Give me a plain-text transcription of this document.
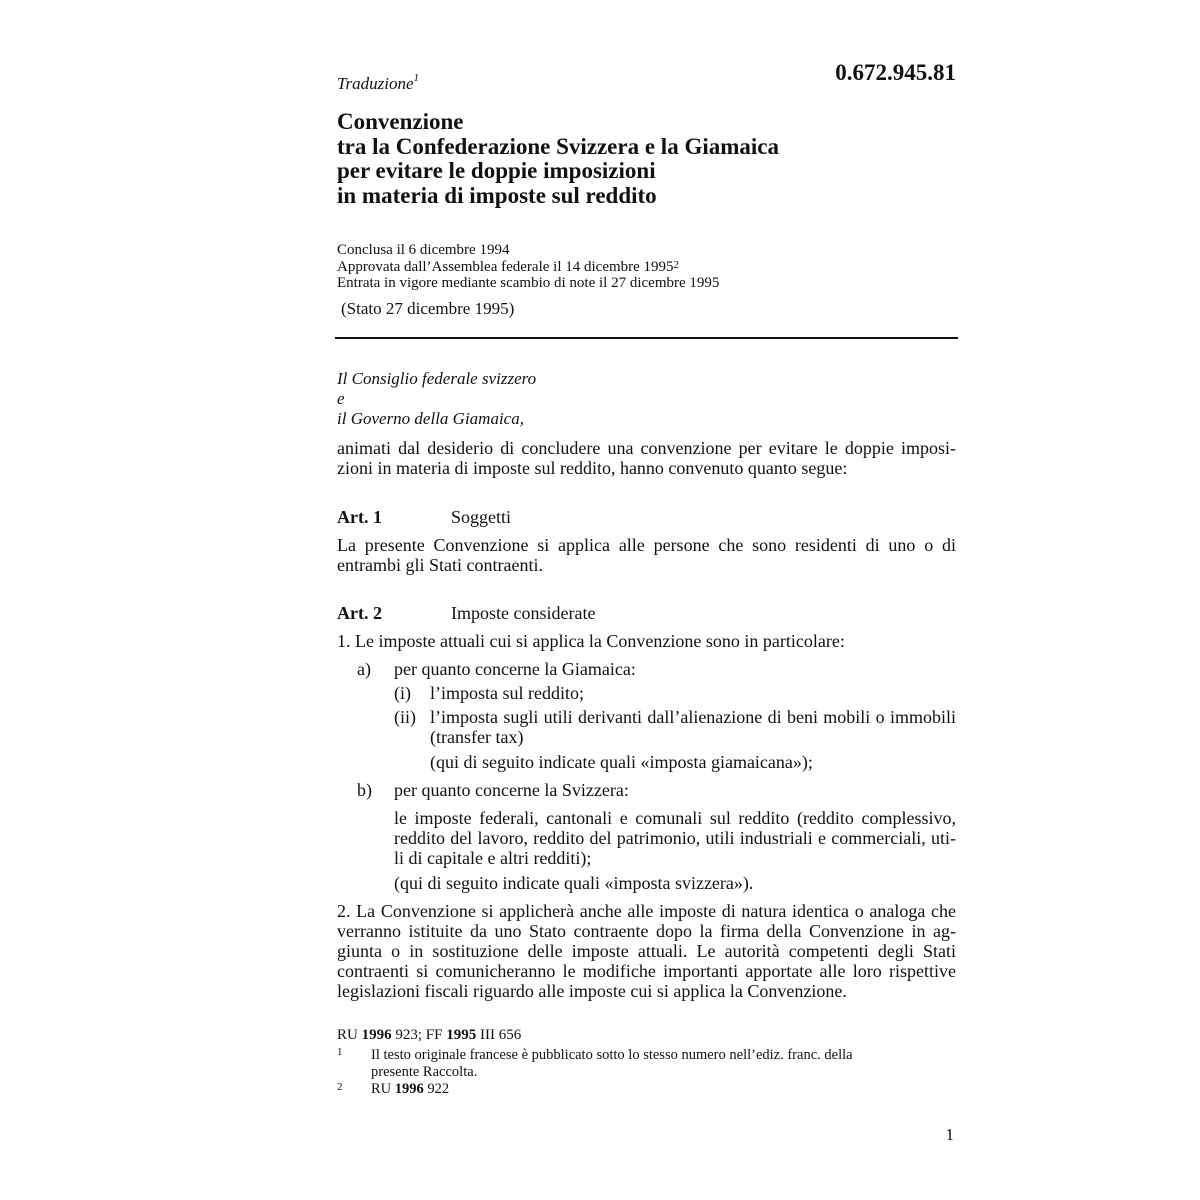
Traduzione$^1$	0.672.945.81
Convenzione
tra la Confederazione Svizzera e la Giamaica
per evitare le doppie imposizioni
in materia di imposte sul reddito
Conclusa il 6 dicembre 1994
Approvata dall’Assemblea federale il 14 dicembre 1995$^2$
Entrata in vigore mediante scambio di note il 27 dicembre 1995
(Stato 27 dicembre 1995)
Il Consiglio federale svizzero
e
il Governo della Giamaica,
animati dal desiderio di concludere una convenzione per evitare le doppie imposi-
zioni in materia di imposte sul reddito, hanno convenuto quanto segue:
Art. 1	Soggetti
La presente Convenzione si applica alle persone che sono residenti di uno o di
entrambi gli Stati contraenti.
Art. 2	Imposte considerate
1. Le imposte attuali cui si applica la Convenzione sono in particolare:
a) per quanto concerne la Giamaica:
(i) l’imposta sul reddito;
(ii) l’imposta sugli utili derivanti dall’alienazione di beni mobili o immobili
(transfer tax)
(qui di seguito indicate quali «imposta giamaicana»);
b) per quanto concerne la Svizzera:
le imposte federali, cantonali e comunali sul reddito (reddito complessivo,
reddito del lavoro, reddito del patrimonio, utili industriali e commerciali, uti-
li di capitale e altri redditi);
(qui di seguito indicate quali «imposta svizzera»).
2. La Convenzione si applicherà anche alle imposte di natura identica o analoga che
verranno istituite da uno Stato contraente dopo la firma della Convenzione in ag-
giunta o in sostituzione delle imposte attuali. Le autorità competenti degli Stati
contraenti si comunicheranno le modifiche importanti apportate alle loro rispettive
legislazioni fiscali riguardo alle imposte cui si applica la Convenzione.
RU 1996 923; FF 1995 III 656
1 Il testo originale francese è pubblicato sotto lo stesso numero nell’ediz. franc. della
presente Raccolta.
2 RU 1996 922
1
